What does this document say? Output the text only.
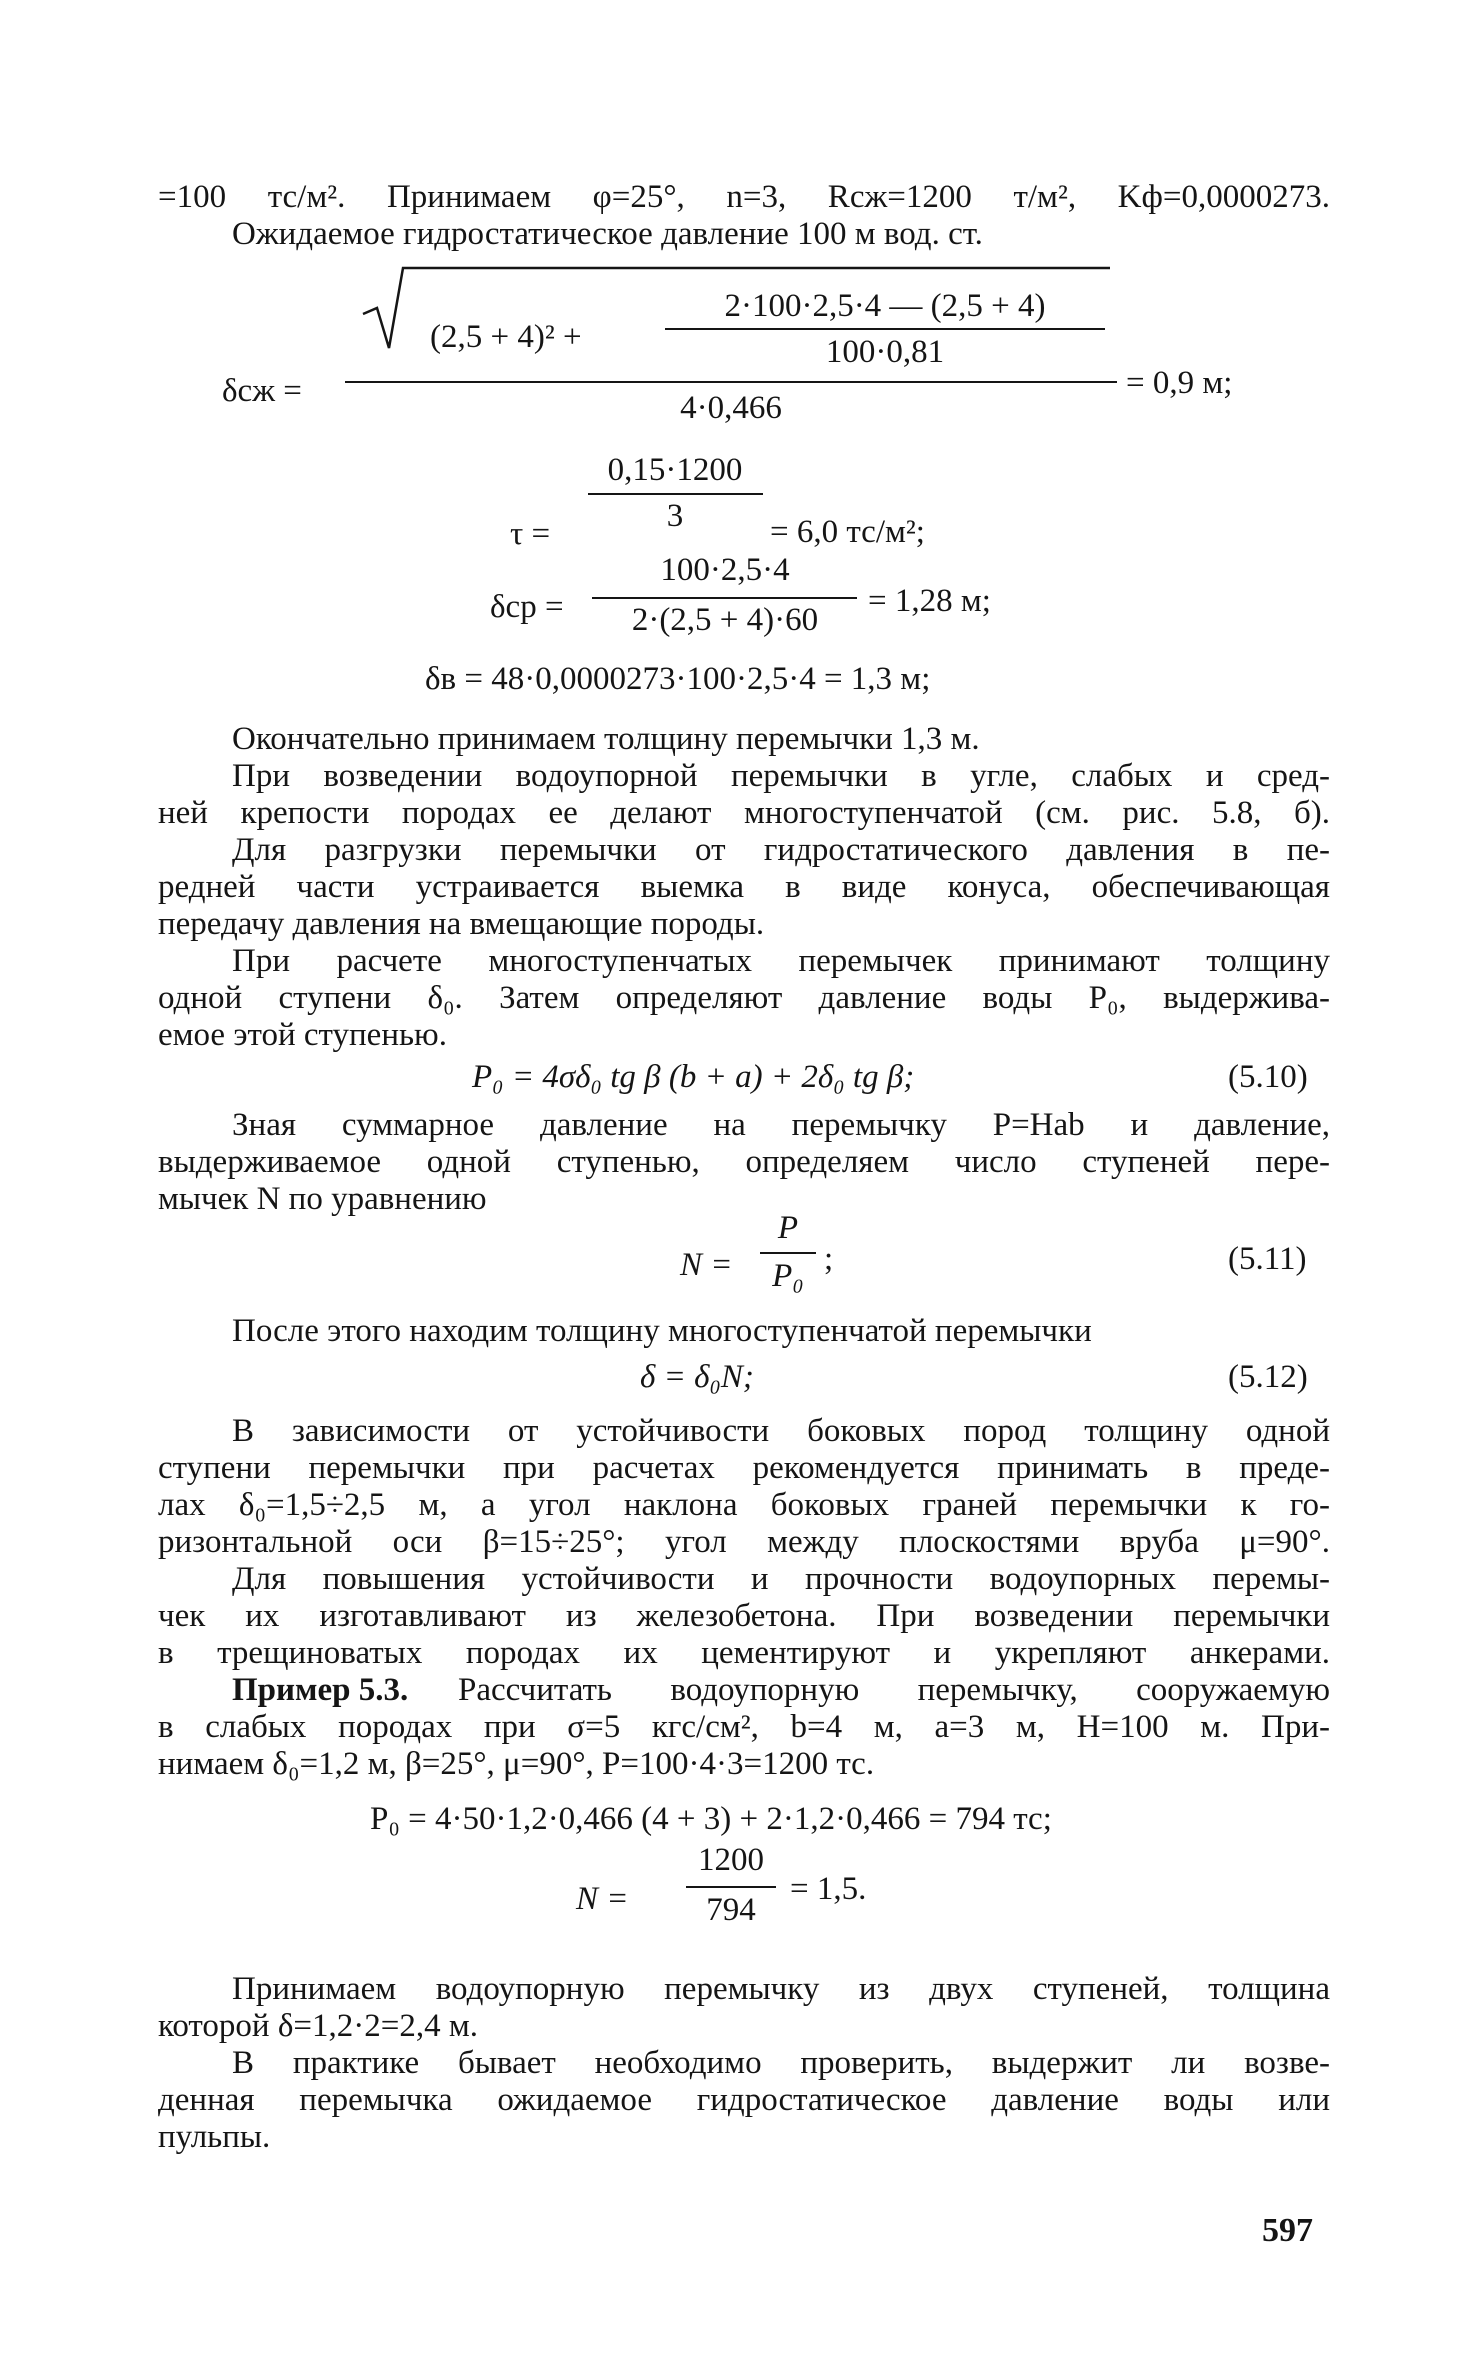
=100 тс/м². Принимаем φ=25°, n=3, Rсж=1200 т/м², Kф=0,0000273.
Ожидаемое гидростатическое давление 100 м вод. ст.
δсж =
(2,5 + 4)² +
2·100·2,5·4 — (2,5 + 4)
100·0,81
4·0,466
= 0,9 м;
τ =
0,15·1200
3	= 6,0 тс/м²;
δср =
100·2,5·4
2·(2,5 + 4)·60
= 1,28 м;
δв = 48·0,0000273·100·2,5·4 = 1,3 м;
Окончательно принимаем толщину перемычки 1,3 м.
При возведении водоупорной перемычки в угле, слабых и сред-
ней крепости породах ее делают многоступенчатой (см. рис. 5.8, б).
Для разгрузки перемычки от гидростатического давления в пе-
редней части устраивается выемка в виде конуса, обеспечивающая
передачу давления на вмещающие породы.
При расчете многоступенчатых перемычек принимают толщину
одной ступени δ₀. Затем определяют давление воды P₀, выдержива-
емое этой ступенью.
P₀ = 4σδ₀ tg β (b + a) + 2δ₀ tg β;	(5.10)
Зная суммарное давление на перемычку P=Hab и давление,
выдерживаемое одной ступенью, определяем число ступеней пере-
мычек N по уравнению
N =
P
P₀ ;	(5.11)
После этого находим толщину многоступенчатой перемычки
δ = δ₀N;	(5.12)
В зависимости от устойчивости боковых пород толщину одной
ступени перемычки при расчетах рекомендуется принимать в преде-
лах δ₀=1,5÷2,5 м, а угол наклона боковых граней перемычки к го-
ризонтальной оси β=15÷25°; угол между плоскостями вруба μ=90°.
Для повышения устойчивости и прочности водоупорных перемы-
чек их изготавливают из железобетона. При возведении перемычки
в трещиноватых породах их цементируют и укрепляют анкерами.
Пример 5.3. Рассчитать водоупорную перемычку, сооружаемую
в слабых породах при σ=5 кгс/см², b=4 м, a=3 м, H=100 м. При-
нимаем δ₀=1,2 м, β=25°, μ=90°, P=100·4·3=1200 тс.
P₀ = 4·50·1,2·0,466 (4 + 3) + 2·1,2·0,466 = 794 тс;
N =
1200
794
= 1,5.
Принимаем водоупорную перемычку из двух ступеней, толщина
которой δ=1,2·2=2,4 м.
В практике бывает необходимо проверить, выдержит ли возве-
денная перемычка ожидаемое гидростатическое давление воды или
пульпы.
597
